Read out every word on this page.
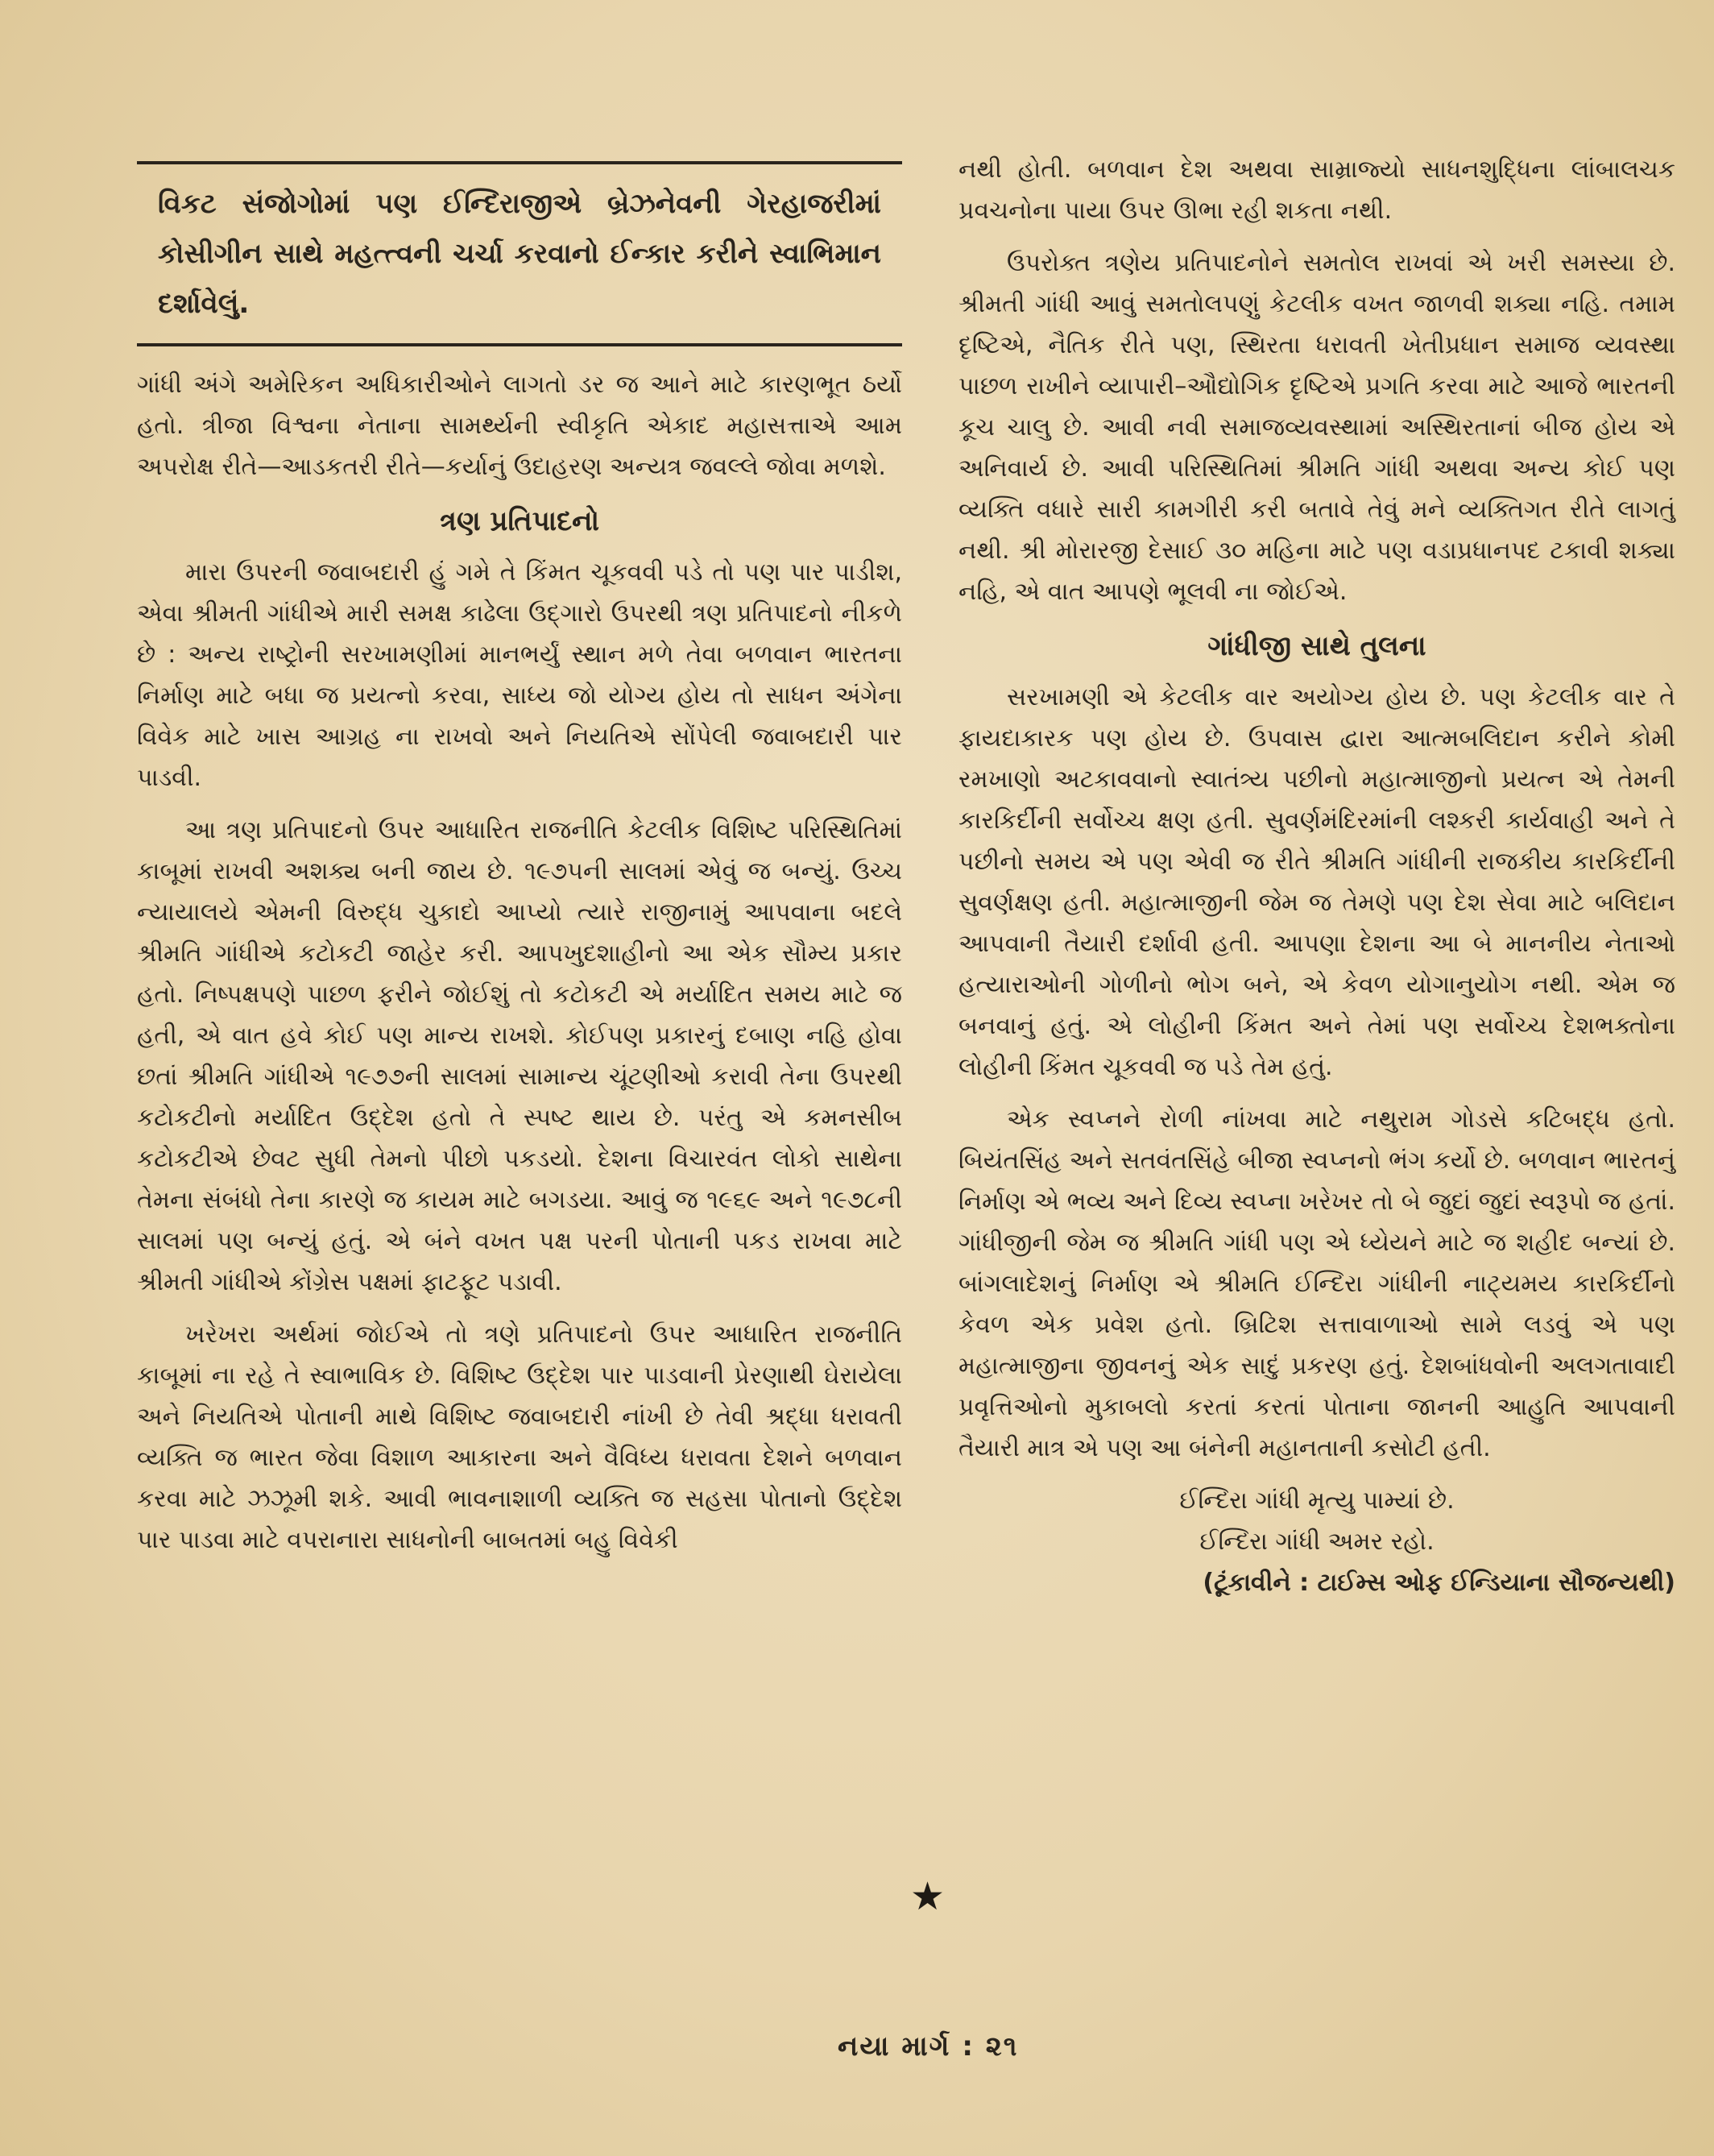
વિકટ સંજોગોમાં પણ ઈન્દિરાજીએ બ્રેઝનેવની ગેરહાજરીમાં કોસીગીન સાથે મહત્ત્વની ચર્ચા કરવાનો ઈન્કાર કરીને સ્વાભિમાન દર્શાવેલું.

ગાંધી અંગે અમેરિકન અધિકારીઓને લાગતો ડર જ આને માટે કારણભૂત ઠર્યો હતો. ત્રીજા વિશ્વના નેતાના સામર્થ્યની સ્વીકૃતિ એકાદ મહાસત્તાએ આમ અપરોક્ષ રીતે—આડકતરી રીતે—કર્યાનું ઉદાહરણ અન્યત્ર જવલ્લે જોવા મળશે.

ત્રણ પ્રતિપાદનો

મારા ઉપરની જવાબદારી હું ગમે તે કિંમત ચૂકવવી પડે તો પણ પાર પાડીશ, એવા શ્રીમતી ગાંધીએ મારી સમક્ષ કાઢેલા ઉદ્ગારો ઉપરથી ત્રણ પ્રતિપાદનો નીકળે છે : અન્ય રાષ્ટ્રોની સરખામણીમાં માનભર્યું સ્થાન મળે તેવા બળવાન ભારતના નિર્માણ માટે બધા જ પ્રયત્નો કરવા, સાધ્ય જો યોગ્ય હોય તો સાધન અંગેના વિવેક માટે ખાસ આગ્રહ ના રાખવો અને નિયતિએ સોંપેલી જવાબદારી પાર પાડવી.

આ ત્રણ પ્રતિપાદનો ઉપર આધારિત રાજનીતિ કેટલીક વિશિષ્ટ પરિસ્થિતિમાં કાબૂમાં રાખવી અશક્ય બની જાય છે. ૧૯૭૫ની સાલમાં એવું જ બન્યું. ઉચ્ચ ન્યાયાલયે એમની વિરુદ્ધ ચુકાદો આપ્યો ત્યારે રાજીનામું આપવાના બદલે શ્રીમતિ ગાંધીએ કટોકટી જાહેર કરી. આપખુદશાહીનો આ એક સૌમ્ય પ્રકાર હતો. નિષ્પક્ષપણે પાછળ ફરીને જોઈશું તો કટોકટી એ મર્યાદિત સમય માટે જ હતી, એ વાત હવે કોઈ પણ માન્ય રાખશે. કોઈપણ પ્રકારનું દબાણ નહિ હોવા છતાં શ્રીમતિ ગાંધીએ ૧૯૭૭ની સાલમાં સામાન્ય ચૂંટણીઓ કરાવી તેના ઉપરથી કટોકટીનો મર્યાદિત ઉદ્દેશ હતો તે સ્પષ્ટ થાય છે. પરંતુ એ કમનસીબ કટોકટીએ છેવટ સુધી તેમનો પીછો પકડયો. દેશના વિચારવંત લોકો સાથેના તેમના સંબંધો તેના કારણે જ કાયમ માટે બગડયા. આવું જ ૧૯૬૯ અને ૧૯૭૮ની સાલમાં પણ બન્યું હતું. એ બંને વખત પક્ષ પરની પોતાની પકડ રાખવા માટે શ્રીમતી ગાંધીએ કોંગ્રેસ પક્ષમાં ફાટફૂટ પડાવી.

ખરેખરા અર્થમાં જોઈએ તો ત્રણે પ્રતિપાદનો ઉપર આધારિત રાજનીતિ કાબૂમાં ના રહે તે સ્વાભાવિક છે. વિશિષ્ટ ઉદ્દેશ પાર પાડવાની પ્રેરણાથી ઘેરાયેલા અને નિયતિએ પોતાની માથે વિશિષ્ટ જવાબદારી નાંખી છે તેવી શ્રદ્ધા ધરાવતી વ્યક્તિ જ ભારત જેવા વિશાળ આકારના અને વૈવિધ્ય ધરાવતા દેશને બળવાન કરવા માટે ઝઝૂમી શકે. આવી ભાવનાશાળી વ્યક્તિ જ સહસા પોતાનો ઉદ્દેશ પાર પાડવા માટે વપરાનારા સાધનોની બાબતમાં બહુ વિવેકી

નથી હોતી. બળવાન દેશ અથવા સામ્રાજ્યો સાધનશુદ્ધિના લાંબાલચક પ્રવચનોના પાયા ઉપર ઊભા રહી શકતા નથી.

ઉપરોક્ત ત્રણેય પ્રતિપાદનોને સમતોલ રાખવાં એ ખરી સમસ્યા છે. શ્રીમતી ગાંધી આવું સમતોલપણું કેટલીક વખત જાળવી શક્યા નહિ. તમામ દૃષ્ટિએ, નૈતિક રીતે પણ, સ્થિરતા ધરાવતી ખેતીપ્રધાન સમાજ વ્યવસ્થા પાછળ રાખીને વ્યાપારી–ઔદ્યોગિક દૃષ્ટિએ પ્રગતિ કરવા માટે આજે ભારતની કૂચ ચાલુ છે. આવી નવી સમાજવ્યવસ્થામાં અસ્થિરતાનાં બીજ હોય એ અનિવાર્ય છે. આવી પરિસ્થિતિમાં શ્રીમતિ ગાંધી અથવા અન્ય કોઈ પણ વ્યક્તિ વધારે સારી કામગીરી કરી બતાવે તેવું મને વ્યક્તિગત રીતે લાગતું નથી. શ્રી મોરારજી દેસાઈ ૩૦ મહિના માટે પણ વડાપ્રધાનપદ ટકાવી શક્યા નહિ, એ વાત આપણે ભૂલવી ના જોઈએ.

ગાંધીજી સાથે તુલના

સરખામણી એ કેટલીક વાર અયોગ્ય હોય છે. પણ કેટલીક વાર તે ફાયદાકારક પણ હોય છે. ઉપવાસ દ્વારા આત્મબલિદાન કરીને કોમી રમખાણો અટકાવવાનો સ્વાતંત્ર્ય પછીનો મહાત્માજીનો પ્રયત્ન એ તેમની કારકિર્દીની સર્વોચ્ચ ક્ષણ હતી. સુવર્ણમંદિરમાંની લશ્કરી કાર્યવાહી અને તે પછીનો સમય એ પણ એવી જ રીતે શ્રીમતિ ગાંધીની રાજકીય કારકિર્દીની સુવર્ણક્ષણ હતી. મહાત્માજીની જેમ જ તેમણે પણ દેશ સેવા માટે બલિદાન આપવાની તૈયારી દર્શાવી હતી. આપણા દેશના આ બે માનનીય નેતાઓ હત્યારાઓની ગોળીનો ભોગ બને, એ કેવળ યોગાનુયોગ નથી. એમ જ બનવાનું હતું. એ લોહીની કિંમત અને તેમાં પણ સર્વોચ્ચ દેશભક્તોના લોહીની કિંમત ચૂકવવી જ પડે તેમ હતું.

એક સ્વપ્નને રોળી નાંખવા માટે નથુરામ ગોડસે કટિબદ્ધ હતો. બિયંતસિંહ અને સતવંતસિંહે બીજા સ્વપ્નનો ભંગ કર્યો છે. બળવાન ભારતનું નિર્માણ એ ભવ્ય અને દિવ્ય સ્વપ્ના ખરેખર તો બે જુદાં જુદાં સ્વરૂપો જ હતાં. ગાંધીજીની જેમ જ શ્રીમતિ ગાંધી પણ એ ધ્યેયને માટે જ શહીદ બન્યાં છે. બાંગલાદેશનું નિર્માણ એ શ્રીમતિ ઈન્દિરા ગાંધીની નાટ્યમય કારકિર્દીનો કેવળ એક પ્રવેશ હતો. બ્રિટિશ સત્તાવાળાઓ સામે લડવું એ પણ મહાત્માજીના જીવનનું એક સાદું પ્રકરણ હતું. દેશબાંધવોની અલગતાવાદી પ્રવૃત્તિઓનો મુકાબલો કરતાં કરતાં પોતાના જાનની આહુતિ આપવાની તૈયારી માત્ર એ પણ આ બંનેની મહાનતાની કસોટી હતી.

ઈન્દિરા ગાંધી મૃત્યુ પામ્યાં છે.

ઈન્દિરા ગાંધી અમર રહો.

(ટૂંકાવીને : ટાઈમ્સ ઓફ ઈન્ડિયાના સૌજન્યથી)

★
નયા માર્ગ : ૨૧
